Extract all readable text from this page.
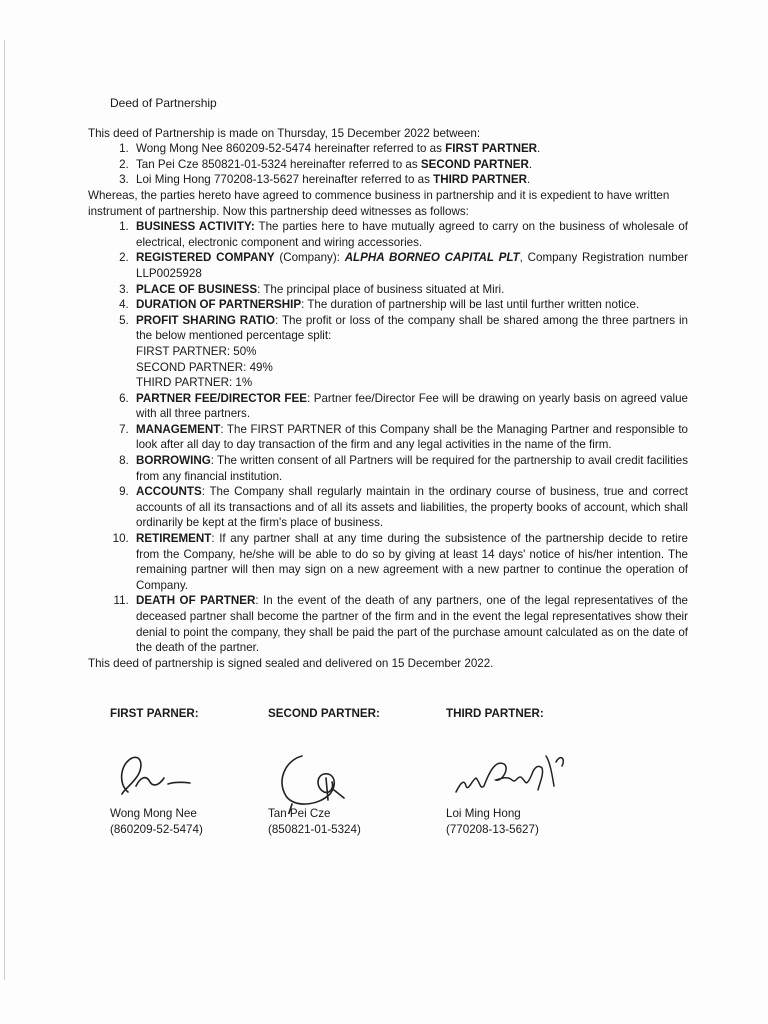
Deed of Partnership

This deed of Partnership is made on Thursday, 15 December 2022 between:

1. Wong Mong Nee 860209-52-5474 hereinafter referred to as FIRST PARTNER.
2. Tan Pei Cze 850821-01-5324 hereinafter referred to as SECOND PARTNER.
3. Loi Ming Hong 770208-13-5627 hereinafter referred to as THIRD PARTNER.

Whereas, the parties hereto have agreed to commence business in partnership and it is expedient to have written instrument of partnership. Now this partnership deed witnesses as follows:

1. BUSINESS ACTIVITY: The parties here to have mutually agreed to carry on the business of wholesale of electrical, electronic component and wiring accessories.
2. REGISTERED COMPANY (Company): ALPHA BORNEO CAPITAL PLT, Company Registration number LLP0025928
3. PLACE OF BUSINESS: The principal place of business situated at Miri.
4. DURATION OF PARTNERSHIP: The duration of partnership will be last until further written notice.
5. PROFIT SHARING RATIO: The profit or loss of the company shall be shared among the three partners in the below mentioned percentage split:
FIRST PARTNER: 50%
SECOND PARTNER: 49%
THIRD PARTNER: 1%
6. PARTNER FEE/DIRECTOR FEE: Partner fee/Director Fee will be drawing on yearly basis on agreed value with all three partners.
7. MANAGEMENT: The FIRST PARTNER of this Company shall be the Managing Partner and responsible to look after all day to day transaction of the firm and any legal activities in the name of the firm.
8. BORROWING: The written consent of all Partners will be required for the partnership to avail credit facilities from any financial institution.
9. ACCOUNTS: The Company shall regularly maintain in the ordinary course of business, true and correct accounts of all its transactions and of all its assets and liabilities, the property books of account, which shall ordinarily be kept at the firm's place of business.
10. RETIREMENT: If any partner shall at any time during the subsistence of the partnership decide to retire from the Company, he/she will be able to do so by giving at least 14 days' notice of his/her intention. The remaining partner will then may sign on a new agreement with a new partner to continue the operation of Company.
11. DEATH OF PARTNER: In the event of the death of any partners, one of the legal representatives of the deceased partner shall become the partner of the firm and in the event the legal representatives show their denial to point the company, they shall be paid the part of the purchase amount calculated as on the date of the death of the partner.

This deed of partnership is signed sealed and delivered on 15 December 2022.

FIRST PARNER:

Wong Mong Nee

(860209-52-5474)

SECOND PARTNER:

Tan Pei Cze

(850821-01-5324)

THIRD PARTNER:

Loi Ming Hong

(770208-13-5627)
